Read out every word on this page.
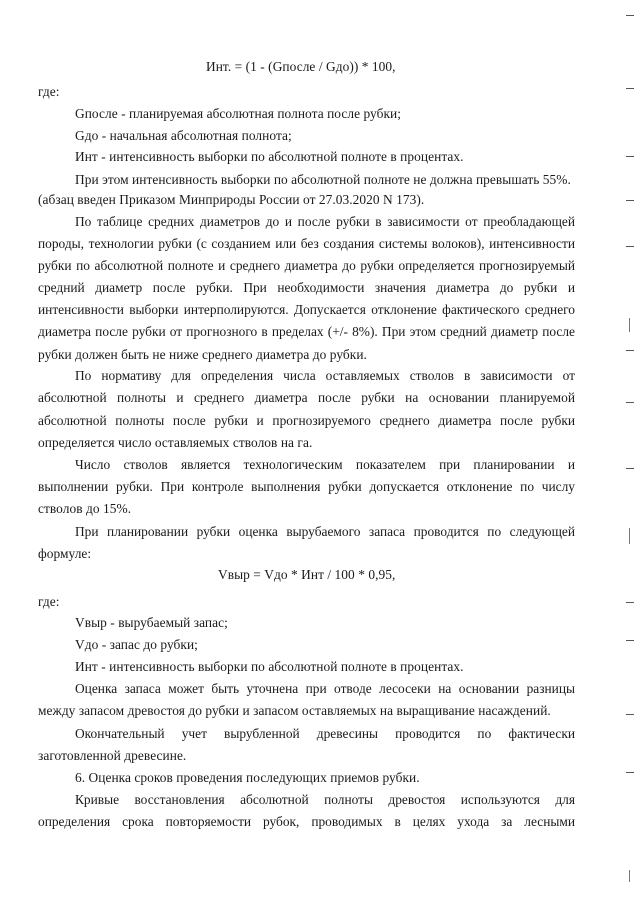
Инт. = (1 - (Gпосле / Gдо)) * 100,
где:
Gпосле - планируемая абсолютная полнота после рубки;
Gдо - начальная абсолютная полнота;
Инт - интенсивность выборки по абсолютной полноте в процентах.
При этом интенсивность выборки по абсолютной полноте не должна превышать 55%.
(абзац введен Приказом Минприроды России от 27.03.2020 N 173).
По таблице средних диаметров до и после рубки в зависимости от преобладающей
породы, технологии рубки (с созданием или без создания системы волоков), интенсивности
рубки по абсолютной полноте и среднего диаметра до рубки определяется прогнозируемый
средний диаметр после рубки. При необходимости значения диаметра до рубки и
интенсивности выборки интерполируются. Допускается отклонение фактического среднего
диаметра после рубки от прогнозного в пределах (+/- 8%). При этом средний диаметр после
рубки должен быть не ниже среднего диаметра до рубки.
По нормативу для определения числа оставляемых стволов в зависимости от
абсолютной полноты и среднего диаметра после рубки на основании планируемой
абсолютной полноты после рубки и прогнозируемого среднего диаметра после рубки
определяется число оставляемых стволов на га.
Число стволов является технологическим показателем при планировании и
выполнении рубки. При контроле выполнения рубки допускается отклонение по числу
стволов до 15%.
При планировании рубки оценка вырубаемого запаса проводится по следующей
формуле:
Vвыр = Vдо * Инт / 100 * 0,95,
где:
Vвыр - вырубаемый запас;
Vдо - запас до рубки;
Инт - интенсивность выборки по абсолютной полноте в процентах.
Оценка запаса может быть уточнена при отводе лесосеки на основании разницы
между запасом древостоя до рубки и запасом оставляемых на выращивание насаждений.
Окончательный учет вырубленной древесины проводится по фактически
заготовленной древесине.
6. Оценка сроков проведения последующих приемов рубки.
Кривые восстановления абсолютной полноты древостоя используются для
определения срока повторяемости рубок, проводимых в целях ухода за лесными
